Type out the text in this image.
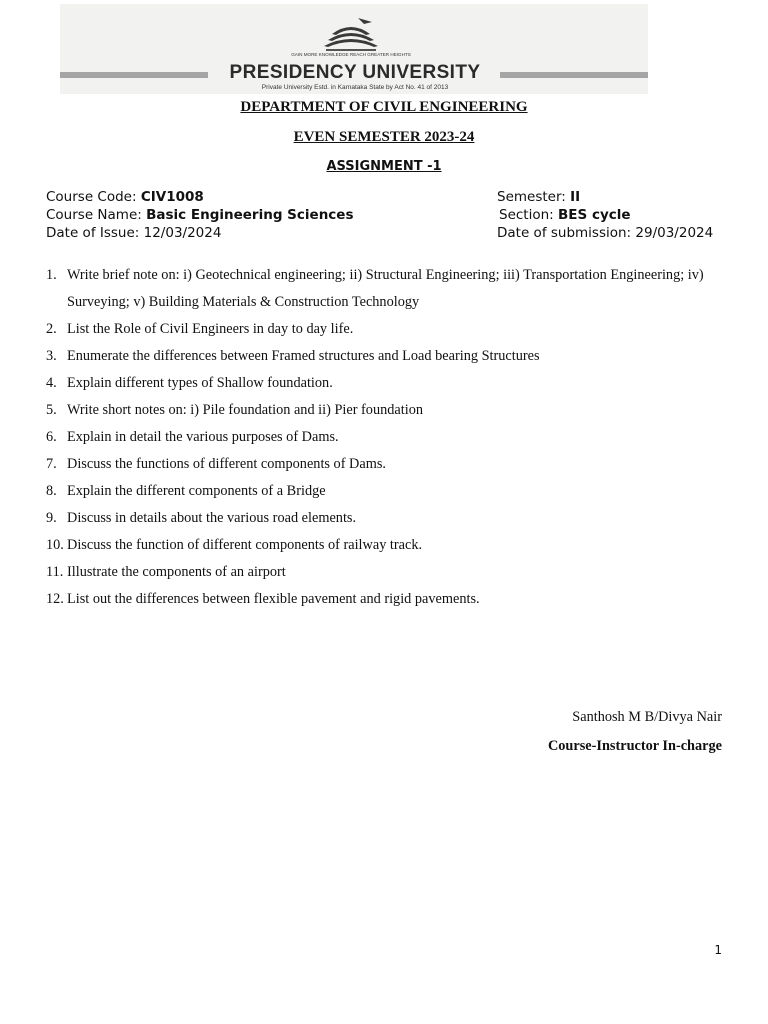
GAIN MORE KNOWLEDGE REACH GREATER HEIGHTS
PRESIDENCY UNIVERSITY
Private University Estd. in Karnataka State by Act No. 41 of 2013
DEPARTMENT OF CIVIL ENGINEERING
EVEN SEMESTER 2023-24
ASSIGNMENT -1
Course Code: CIV1008
Course Name: Basic Engineering Sciences
Date of Issue: 12/03/2024
Semester: II
Section: BES cycle
Date of submission: 29/03/2024
1. Write brief note on: i) Geotechnical engineering; ii) Structural Engineering; iii) Transportation Engineering; iv) Surveying; v) Building Materials & Construction Technology
2. List the Role of Civil Engineers in day to day life.
3. Enumerate the differences between Framed structures and Load bearing Structures
4. Explain different types of Shallow foundation.
5. Write short notes on: i) Pile foundation and ii) Pier foundation
6. Explain in detail the various purposes of Dams.
7. Discuss the functions of different components of Dams.
8. Explain the different components of a Bridge
9. Discuss in details about the various road elements.
10. Discuss the function of different components of railway track.
11. Illustrate the components of an airport
12. List out the differences between flexible pavement and rigid pavements.
Santhosh M B/Divya Nair
Course-Instructor In-charge
1
